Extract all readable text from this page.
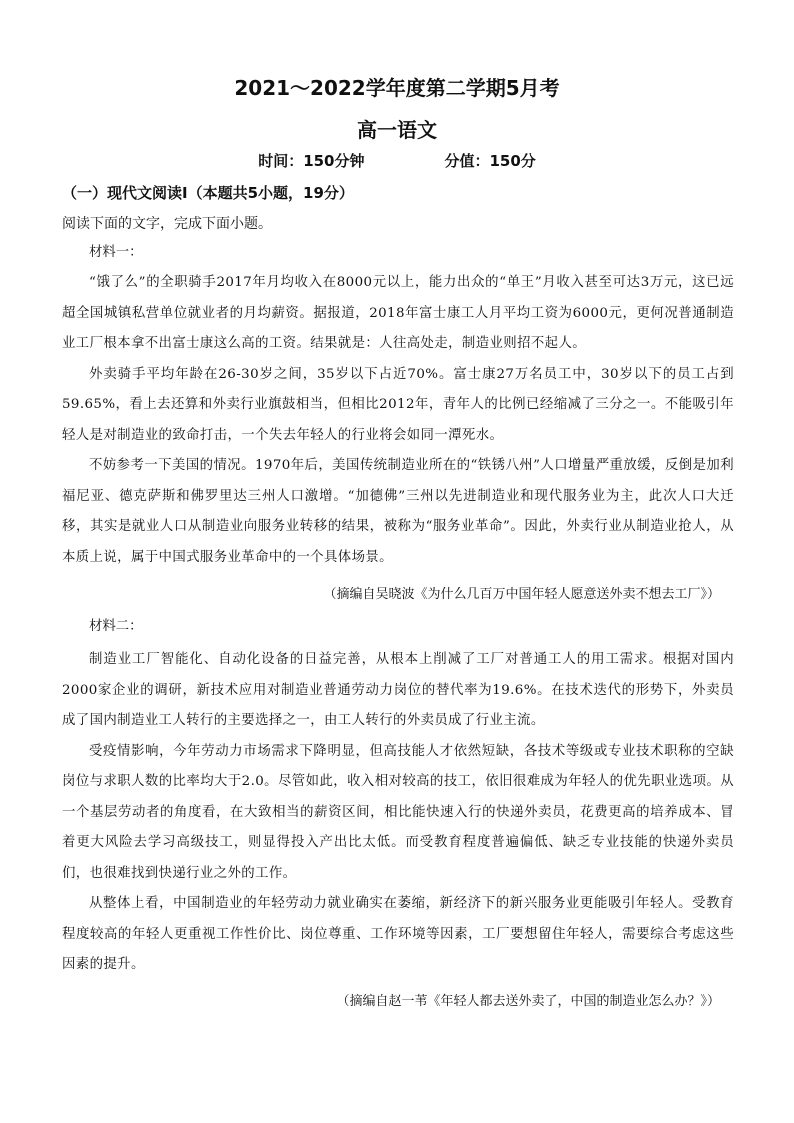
2021～2022学年度第二学期5月考
高一语文
时间：150分钟	分值：150分
（一）现代文阅读Ⅰ（本题共5小题，19分）
阅读下面的文字，完成下面小题。
材料一：

“饿了么”的全职骑手2017年月均收入在8000元以上，能力出众的“单王”月收入甚至可达3万元，这已远超全国城镇私营单位就业者的月均薪资。据报道，2018年富士康工人月平均工资为6000元，更何况普通制造业工厂根本拿不出富士康这么高的工资。结果就是：人往高处走，制造业则招不起人。

外卖骑手平均年龄在26-30岁之间，35岁以下占近70%。富士康27万名员工中，30岁以下的员工占到59.65%，看上去还算和外卖行业旗鼓相当，但相比2012年，青年人的比例已经缩减了三分之一。不能吸引年轻人是对制造业的致命打击，一个失去年轻人的行业将会如同一潭死水。

不妨参考一下美国的情况。1970年后，美国传统制造业所在的“铁锈八州”人口增量严重放缓，反倒是加利福尼亚、德克萨斯和佛罗里达三州人口激增。“加德佛”三州以先进制造业和现代服务业为主，此次人口大迁移，其实是就业人口从制造业向服务业转移的结果，被称为“服务业革命”。因此，外卖行业从制造业抢人，从本质上说，属于中国式服务业革命中的一个具体场景。

（摘编自吴晓波《为什么几百万中国年轻人愿意送外卖不想去工厂》）
材料二：

制造业工厂智能化、自动化设备的日益完善，从根本上削减了工厂对普通工人的用工需求。根据对国内2000家企业的调研，新技术应用对制造业普通劳动力岗位的替代率为19.6%。在技术迭代的形势下，外卖员成了国内制造业工人转行的主要选择之一，由工人转行的外卖员成了行业主流。

受疫情影响，今年劳动力市场需求下降明显，但高技能人才依然短缺，各技术等级或专业技术职称的空缺岗位与求职人数的比率均大于2.0。尽管如此，收入相对较高的技工，依旧很难成为年轻人的优先职业选项。从一个基层劳动者的角度看，在大致相当的薪资区间，相比能快速入行的快递外卖员，花费更高的培养成本、冒着更大风险去学习高级技工，则显得投入产出比太低。而受教育程度普遍偏低、缺乏专业技能的快递外卖员们，也很难找到快递行业之外的工作。

从整体上看，中国制造业的年轻劳动力就业确实在萎缩，新经济下的新兴服务业更能吸引年轻人。受教育程度较高的年轻人更重视工作性价比、岗位尊重、工作环境等因素，工厂要想留住年轻人，需要综合考虑这些因素的提升。

（摘编自赵一苇《年轻人都去送外卖了，中国的制造业怎么办？》）
